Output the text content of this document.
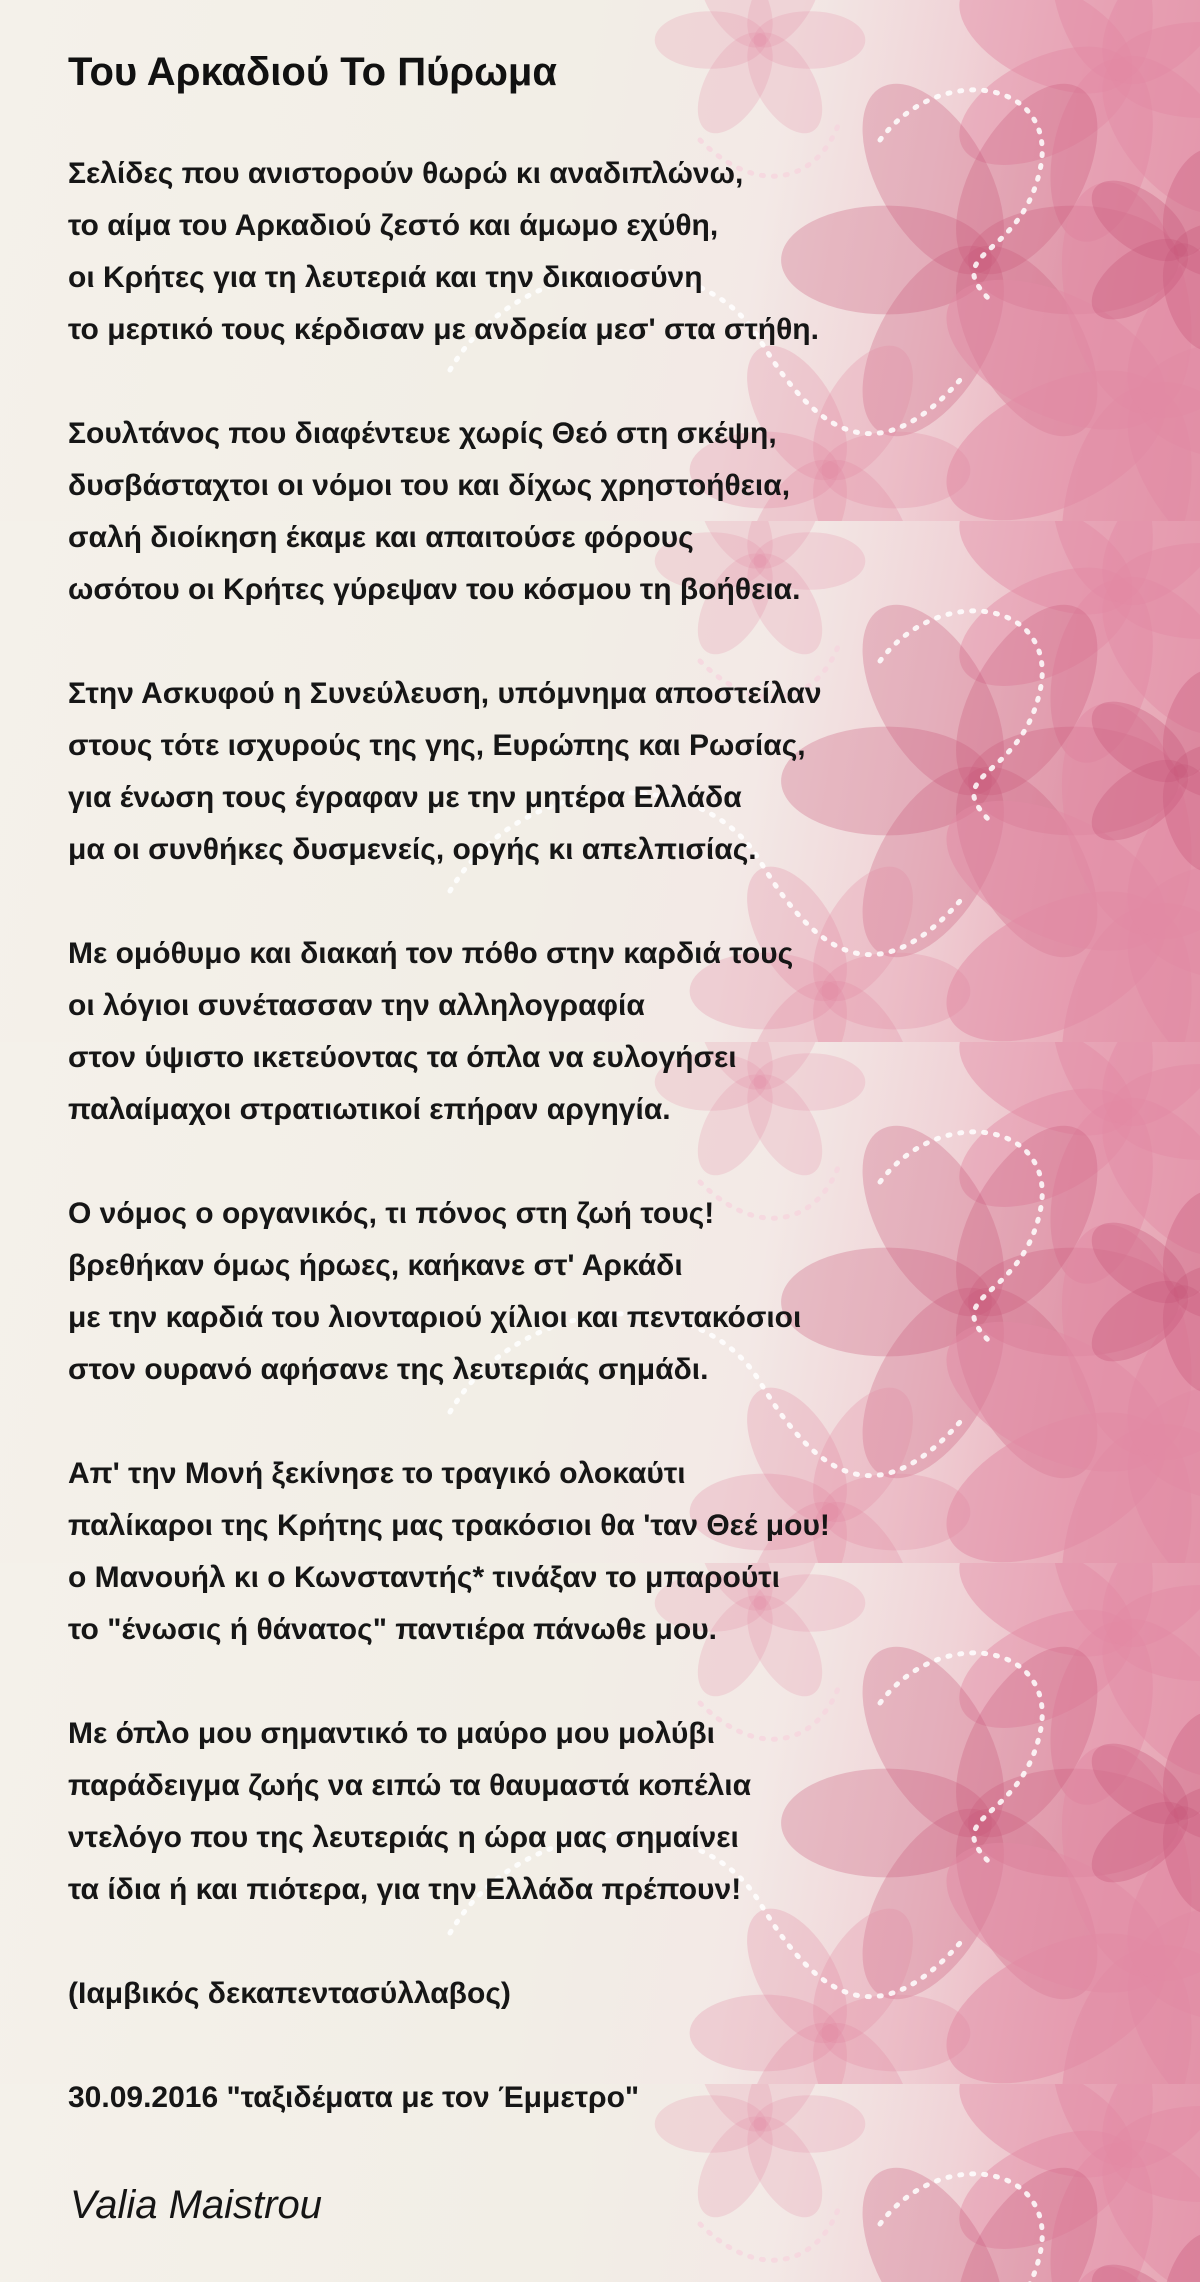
Του Αρκαδιού Το Πύρωμα
Σελίδες που ανιστορούν θωρώ κι αναδιπλώνω,
το αίμα του Αρκαδιού ζεστό και άμωμο εχύθη,
οι Κρήτες για τη λευτεριά και την δικαιοσύνη
το μερτικό τους κέρδισαν με ανδρεία μεσ' στα στήθη.
Σουλτάνος που διαφέντευε χωρίς Θεό στη σκέψη,
δυσβάσταχτοι οι νόμοι του και δίχως χρηστοήθεια,
σαλή διοίκηση έκαμε και απαιτούσε φόρους
ωσότου οι Κρήτες γύρεψαν του κόσμου τη βοήθεια.
Στην Ασκυφού η Συνεύλευση, υπόμνημα αποστείλαν
στους τότε ισχυρούς της γης, Ευρώπης και Ρωσίας,
για ένωση τους έγραφαν με την μητέρα Ελλάδα
μα οι συνθήκες δυσμενείς, οργής κι απελπισίας.
Με ομόθυμο και διακαή τον πόθο στην καρδιά τους
οι λόγιοι συνέτασσαν την αλληλογραφία
στον ύψιστο ικετεύοντας τα όπλα να ευλογήσει
παλαίμαχοι στρατιωτικοί επήραν αργηγία.
Ο νόμος ο οργανικός, τι πόνος στη ζωή τους!
βρεθήκαν όμως ήρωες, καήκανε στ' Αρκάδι
με την καρδιά του λιονταριού χίλιοι και πεντακόσιοι
στον ουρανό αφήσανε της λευτεριάς σημάδι.
Απ' την Μονή ξεκίνησε το τραγικό ολοκαύτι
παλίκαροι της Κρήτης μας τρακόσιοι θα 'ταν Θεέ μου!
ο Μανουήλ κι ο Κωνσταντής* τινάξαν το μπαρούτι
το "ένωσις ή θάνατος" παντιέρα πάνωθε μου.
Με όπλο μου σημαντικό το μαύρο μου μολύβι
παράδειγμα ζωής να ειπώ τα θαυμαστά κοπέλια
ντελόγο που της λευτεριάς η ώρα μας σημαίνει
τα ίδια ή και πιότερα, για την Ελλάδα πρέπουν!
(Ιαμβικός δεκαπεντασύλλαβος)
30.09.2016 "ταξιδέματα με τον Έμμετρο"
Valia Maistrou
